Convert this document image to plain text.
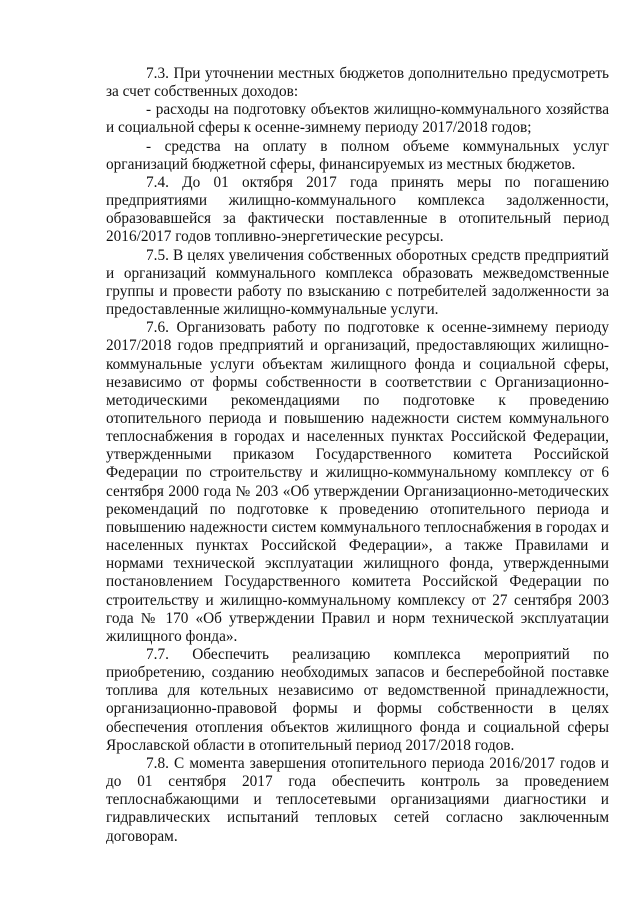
7.3. При уточнении местных бюджетов дополнительно предусмотреть за счет собственных доходов:

- расходы на подготовку объектов жилищно-коммунального хозяйства и социальной сферы к осенне-зимнему периоду 2017/2018 годов;

- средства на оплату в полном объеме коммунальных услуг организаций бюджетной сферы, финансируемых из местных бюджетов.

7.4. До 01 октября 2017 года принять меры по погашению предприятиями жилищно-коммунального комплекса задолженности, образовавшейся за фактически поставленные в отопительный период 2016/2017 годов топливно-энергетические ресурсы.

7.5. В целях увеличения собственных оборотных средств предприятий и организаций коммунального комплекса образовать межведомственные группы и провести работу по взысканию с потребителей задолженности за предоставленные жилищно-коммунальные услуги.

7.6. Организовать работу по подготовке к осенне-зимнему периоду 2017/2018 годов предприятий и организаций, предоставляющих жилищно-коммунальные услуги объектам жилищного фонда и социальной сферы, независимо от формы собственности в соответствии с Организационно-методическими рекомендациями по подготовке к проведению отопительного периода и повышению надежности систем коммунального теплоснабжения в городах и населенных пунктах Российской Федерации, утвержденными приказом Государственного комитета Российской Федерации по строительству и жилищно-коммунальному комплексу от 6 сентября 2000 года № 203 «Об утверждении Организационно-методических рекомендаций по подготовке к проведению отопительного периода и повышению надежности систем коммунального теплоснабжения в городах и населенных пунктах Российской Федерации», а также Правилами и нормами технической эксплуатации жилищного фонда, утвержденными постановлением Государственного комитета Российской Федерации по строительству и жилищно-коммунальному комплексу от 27 сентября 2003 года № 170 «Об утверждении Правил и норм технической эксплуатации жилищного фонда».

7.7. Обеспечить реализацию комплекса мероприятий по приобретению, созданию необходимых запасов и бесперебойной поставке топлива для котельных независимо от ведомственной принадлежности, организационно-правовой формы и формы собственности в целях обеспечения отопления объектов жилищного фонда и социальной сферы Ярославской области в отопительный период 2017/2018 годов.

7.8. С момента завершения отопительного периода 2016/2017 годов и до 01 сентября 2017 года обеспечить контроль за проведением теплоснабжающими и теплосетевыми организациями диагностики и гидравлических испытаний тепловых сетей согласно заключенным договорам.
